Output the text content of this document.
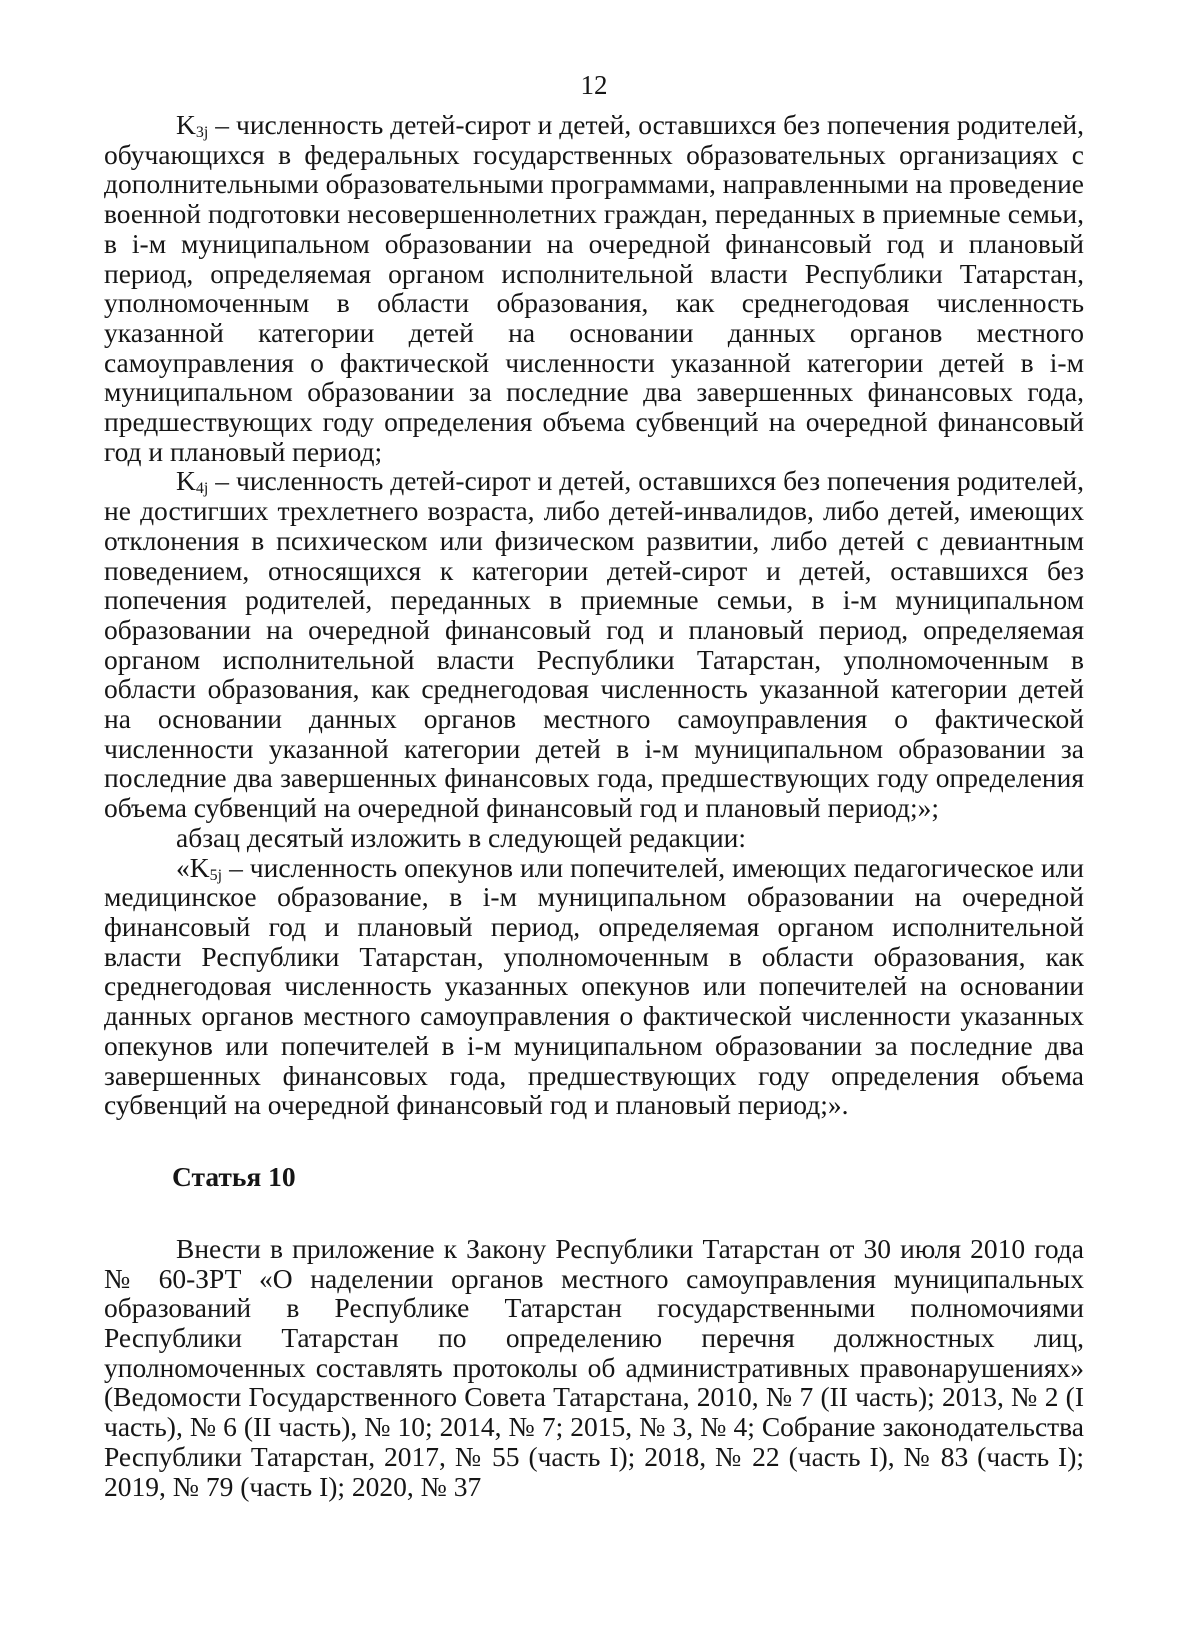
12

$K_{3j}$ – численность детей-сирот и детей, оставшихся без попечения родителей, обучающихся в федеральных государственных образовательных организациях с дополнительными образовательными программами, направленными на проведение военной подготовки несовершеннолетних граждан, переданных в приемные семьи, в i-м муниципальном образовании на очередной финансовый год и плановый период, определяемая органом исполнительной власти Республики Татарстан, уполномоченным в области образования, как среднегодовая численность указанной категории детей на основании данных органов местного самоуправления о фактической численности указанной категории детей в i-м муниципальном образовании за последние два завершенных финансовых года, предшествующих году определения объема субвенций на очередной финансовый год и плановый период;

$K_{4j}$ – численность детей-сирот и детей, оставшихся без попечения родителей, не достигших трехлетнего возраста, либо детей-инвалидов, либо детей, имеющих отклонения в психическом или физическом развитии, либо детей с девиантным поведением, относящихся к категории детей-сирот и детей, оставшихся без попечения родителей, переданных в приемные семьи, в i-м муниципальном образовании на очередной финансовый год и плановый период, определяемая органом исполнительной власти Республики Татарстан, уполномоченным в области образования, как среднегодовая численность указанной категории детей на основании данных органов местного самоуправления о фактической численности указанной категории детей в i-м муниципальном образовании за последние два завершенных финансовых года, предшествующих году определения объема субвенций на очередной финансовый год и плановый период;»;

абзац десятый изложить в следующей редакции:

«$K_{5j}$ – численность опекунов или попечителей, имеющих педагогическое или медицинское образование, в i-м муниципальном образовании на очередной финансовый год и плановый период, определяемая органом исполнительной власти Республики Татарстан, уполномоченным в области образования, как среднегодовая численность указанных опекунов или попечителей на основании данных органов местного самоуправления о фактической численности указанных опекунов или попечителей в i-м муниципальном образовании за последние два завершенных финансовых года, предшествующих году определения объема субвенций на очередной финансовый год и плановый период;».

Статья 10

Внести в приложение к Закону Республики Татарстан от 30 июля 2010 года № 60-ЗРТ «О наделении органов местного самоуправления муниципальных образований в Республике Татарстан государственными полномочиями Республики Татарстан по определению перечня должностных лиц, уполномоченных составлять протоколы об административных правонарушениях» (Ведомости Государственного Совета Татарстана, 2010, № 7 (II часть); 2013, № 2 (I часть), № 6 (II часть), № 10; 2014, № 7; 2015, № 3, № 4; Собрание законодательства Республики Татарстан, 2017, № 55 (часть I); 2018, № 22 (часть I), № 83 (часть I); 2019, № 79 (часть I); 2020, № 37
